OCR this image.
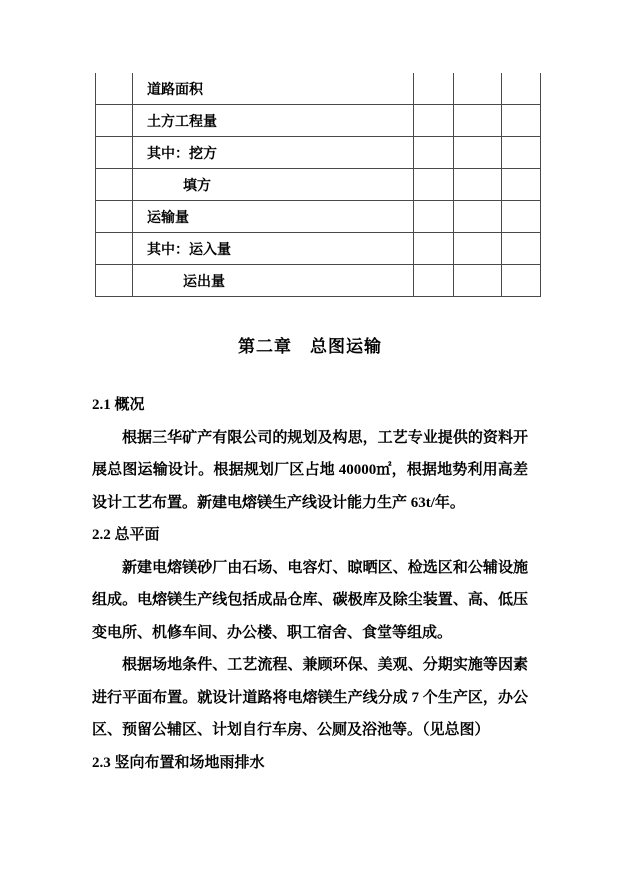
	道路面积			
	土方工程量			
	其中：挖方			
	填方			
	运输量			
	其中：运入量			
	运出量			
第二章　总图运输
2.1 概况

根据三华矿产有限公司的规划及构思，工艺专业提供的资料开展总图运输设计。根据规划厂区占地 40000㎡，根据地势利用高差设计工艺布置。新建电熔镁生产线设计能力生产 63t/年。

2.2 总平面

新建电熔镁砂厂由石场、电容灯、晾晒区、检选区和公辅设施组成。电熔镁生产线包括成品仓库、碳极库及除尘装置、高、低压变电所、机修车间、办公楼、职工宿舍、食堂等组成。

根据场地条件、工艺流程、兼顾环保、美观、分期实施等因素进行平面布置。就设计道路将电熔镁生产线分成 7 个生产区，办公区、预留公辅区、计划自行车房、公厕及浴池等。（见总图）

2.3 竖向布置和场地雨排水
